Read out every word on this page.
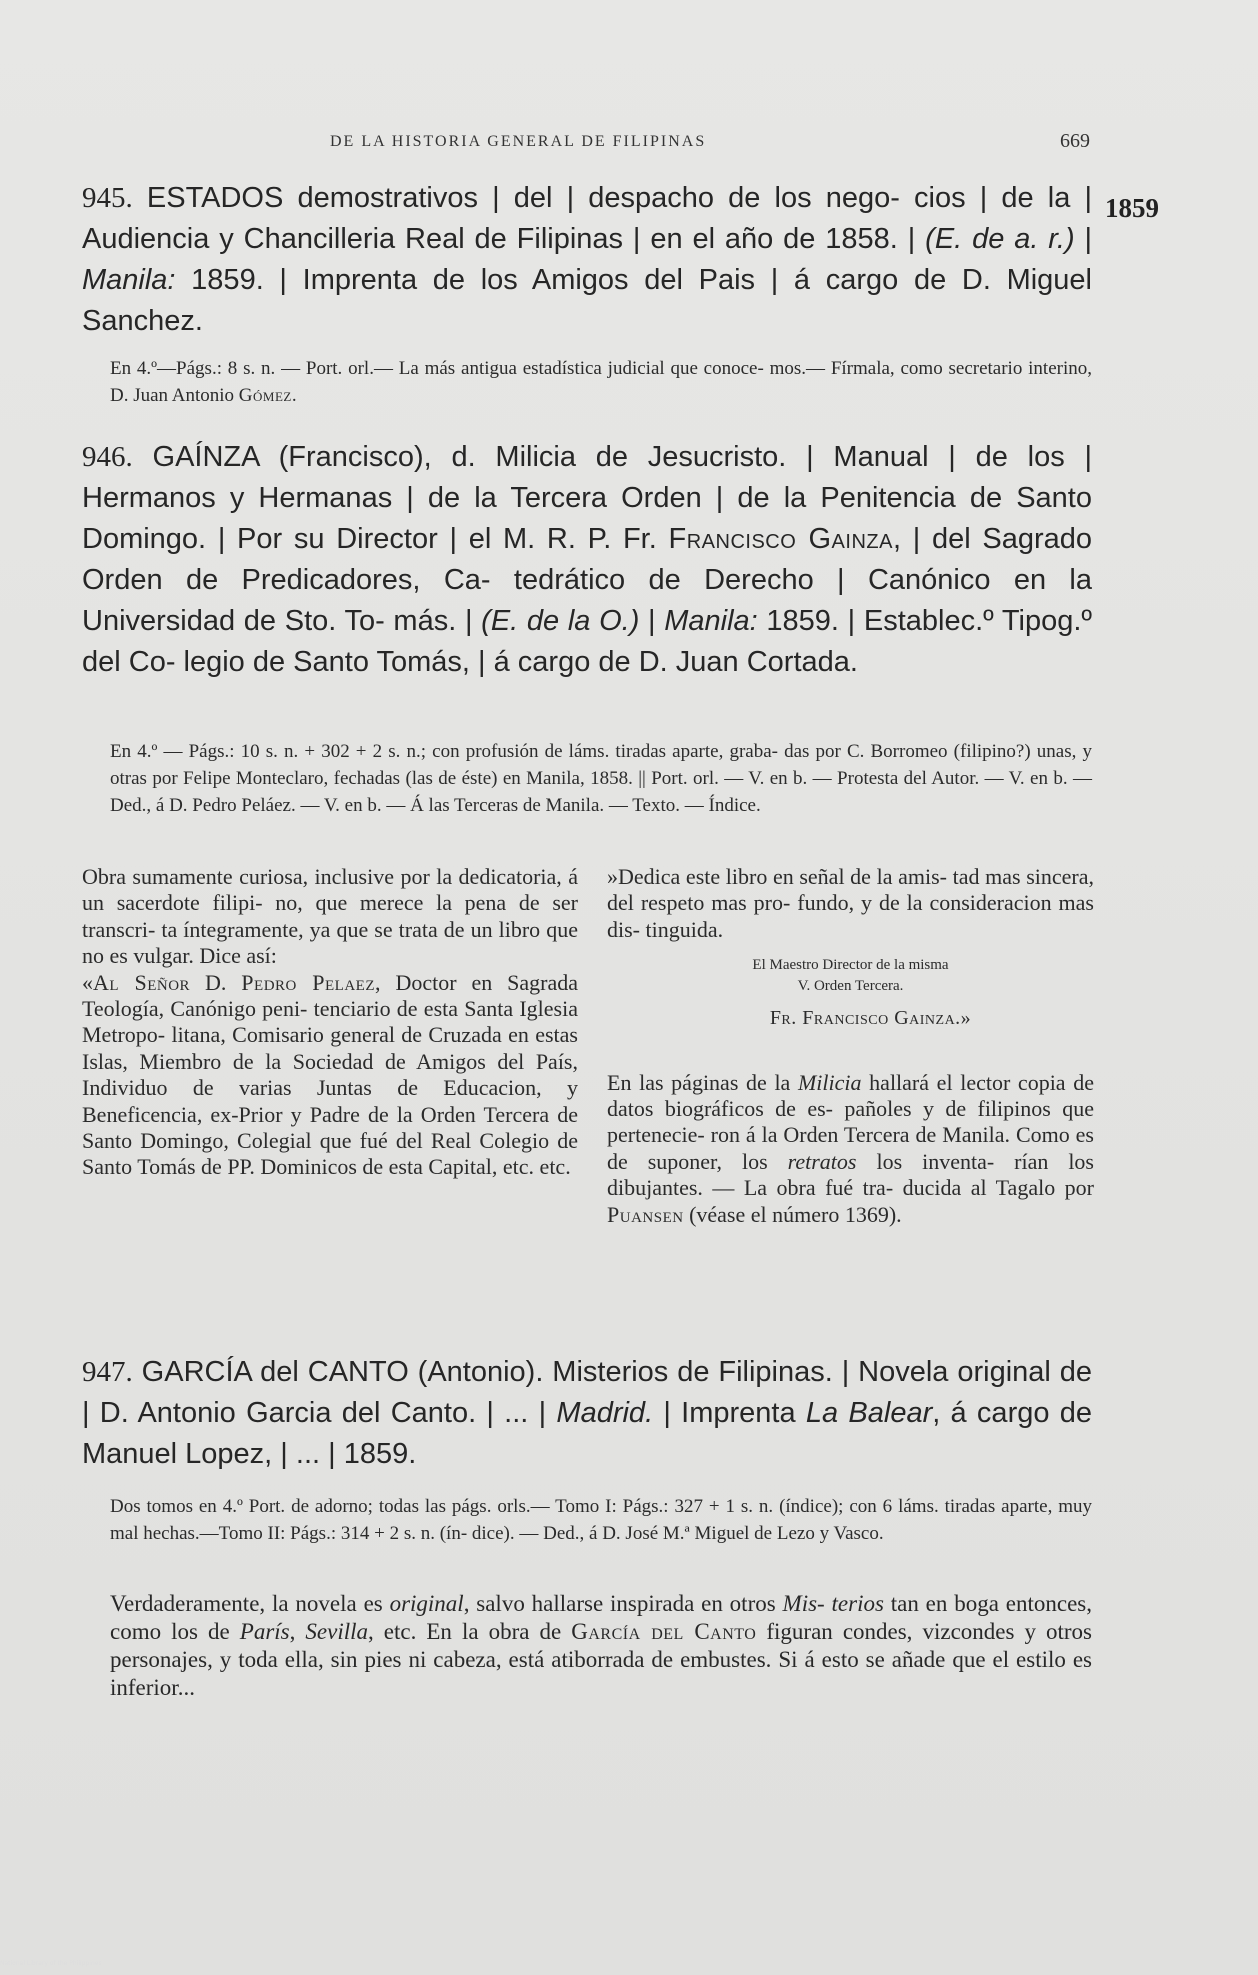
DE LA HISTORIA GENERAL DE FILIPINAS	669
1859
945. ESTADOS demostrativos | del | despacho de los nego- cios | de la | Audiencia y Chancilleria Real de Filipinas | en el año de 1858. | (E. de a. r.) | Manila: 1859. | Imprenta de los Amigos del Pais | á cargo de D. Miguel Sanchez.
En 4.º—Págs.: 8 s. n. — Port. orl.— La más antigua estadística judicial que conoce- mos.— Fírmala, como secretario interino, D. Juan Antonio Gómez.
946. GAÍNZA (Francisco), d. Milicia de Jesucristo. | Manual | de los | Hermanos y Hermanas | de la Tercera Orden | de la Penitencia de Santo Domingo. | Por su Director | el M. R. P. Fr. Francisco Gainza, | del Sagrado Orden de Predicadores, Ca- tedrático de Derecho | Canónico en la Universidad de Sto. To- más. | (E. de la O.) | Manila: 1859. | Establec.º Tipog.º del Co- legio de Santo Tomás, | á cargo de D. Juan Cortada.
En 4.º — Págs.: 10 s. n. + 302 + 2 s. n.; con profusión de láms. tiradas aparte, graba- das por C. Borromeo (filipino?) unas, y otras por Felipe Monteclaro, fechadas (las de éste) en Manila, 1858. || Port. orl. — V. en b. — Protesta del Autor. — V. en b. — Ded., á D. Pedro Peláez. — V. en b. — Á las Terceras de Manila. — Texto. — Índice.
Obra sumamente curiosa, inclusive por la dedicatoria, á un sacerdote filipi- no, que merece la pena de ser transcri- ta íntegramente, ya que se trata de un libro que no es vulgar. Dice así:
«Al Señor D. Pedro Pelaez, Doctor en Sagrada Teología, Canónigo peni- tenciario de esta Santa Iglesia Metropo- litana, Comisario general de Cruzada en estas Islas, Miembro de la Sociedad de Amigos del País, Individuo de varias Juntas de Educacion, y Beneficencia, ex-Prior y Padre de la Orden Tercera de Santo Domingo, Colegial que fué del Real Colegio de Santo Tomás de PP. Dominicos de esta Capital, etc. etc.
»Dedica este libro en señal de la amis- tad mas sincera, del respeto mas pro- fundo, y de la consideracion mas dis- tinguida.
El Maestro Director de la misma
V. Orden Tercera.
Fr. Francisco Gainza.»
En las páginas de la Milicia hallará el lector copia de datos biográficos de es- pañoles y de filipinos que pertenecie- ron á la Orden Tercera de Manila. Como es de suponer, los retratos los inventa- rían los dibujantes. — La obra fué tra- ducida al Tagalo por Puansen (véase el número 1369).
947. GARCÍA del CANTO (Antonio). Misterios de Filipinas. | Novela original de | D. Antonio Garcia del Canto. | ... | Madrid. | Imprenta La Balear, á cargo de Manuel Lopez, | ... | 1859.
Dos tomos en 4.º Port. de adorno; todas las págs. orls.— Tomo I: Págs.: 327 + 1 s. n. (índice); con 6 láms. tiradas aparte, muy mal hechas.—Tomo II: Págs.: 314 + 2 s. n. (ín- dice). — Ded., á D. José M.ª Miguel de Lezo y Vasco.
Verdaderamente, la novela es original, salvo hallarse inspirada en otros Mis- terios tan en boga entonces, como los de París, Sevilla, etc. En la obra de García del Canto figuran condes, vizcondes y otros personajes, y toda ella, sin pies ni cabeza, está atiborrada de embustes. Si á esto se añade que el estilo es inferior...
National Library of the Philippines
